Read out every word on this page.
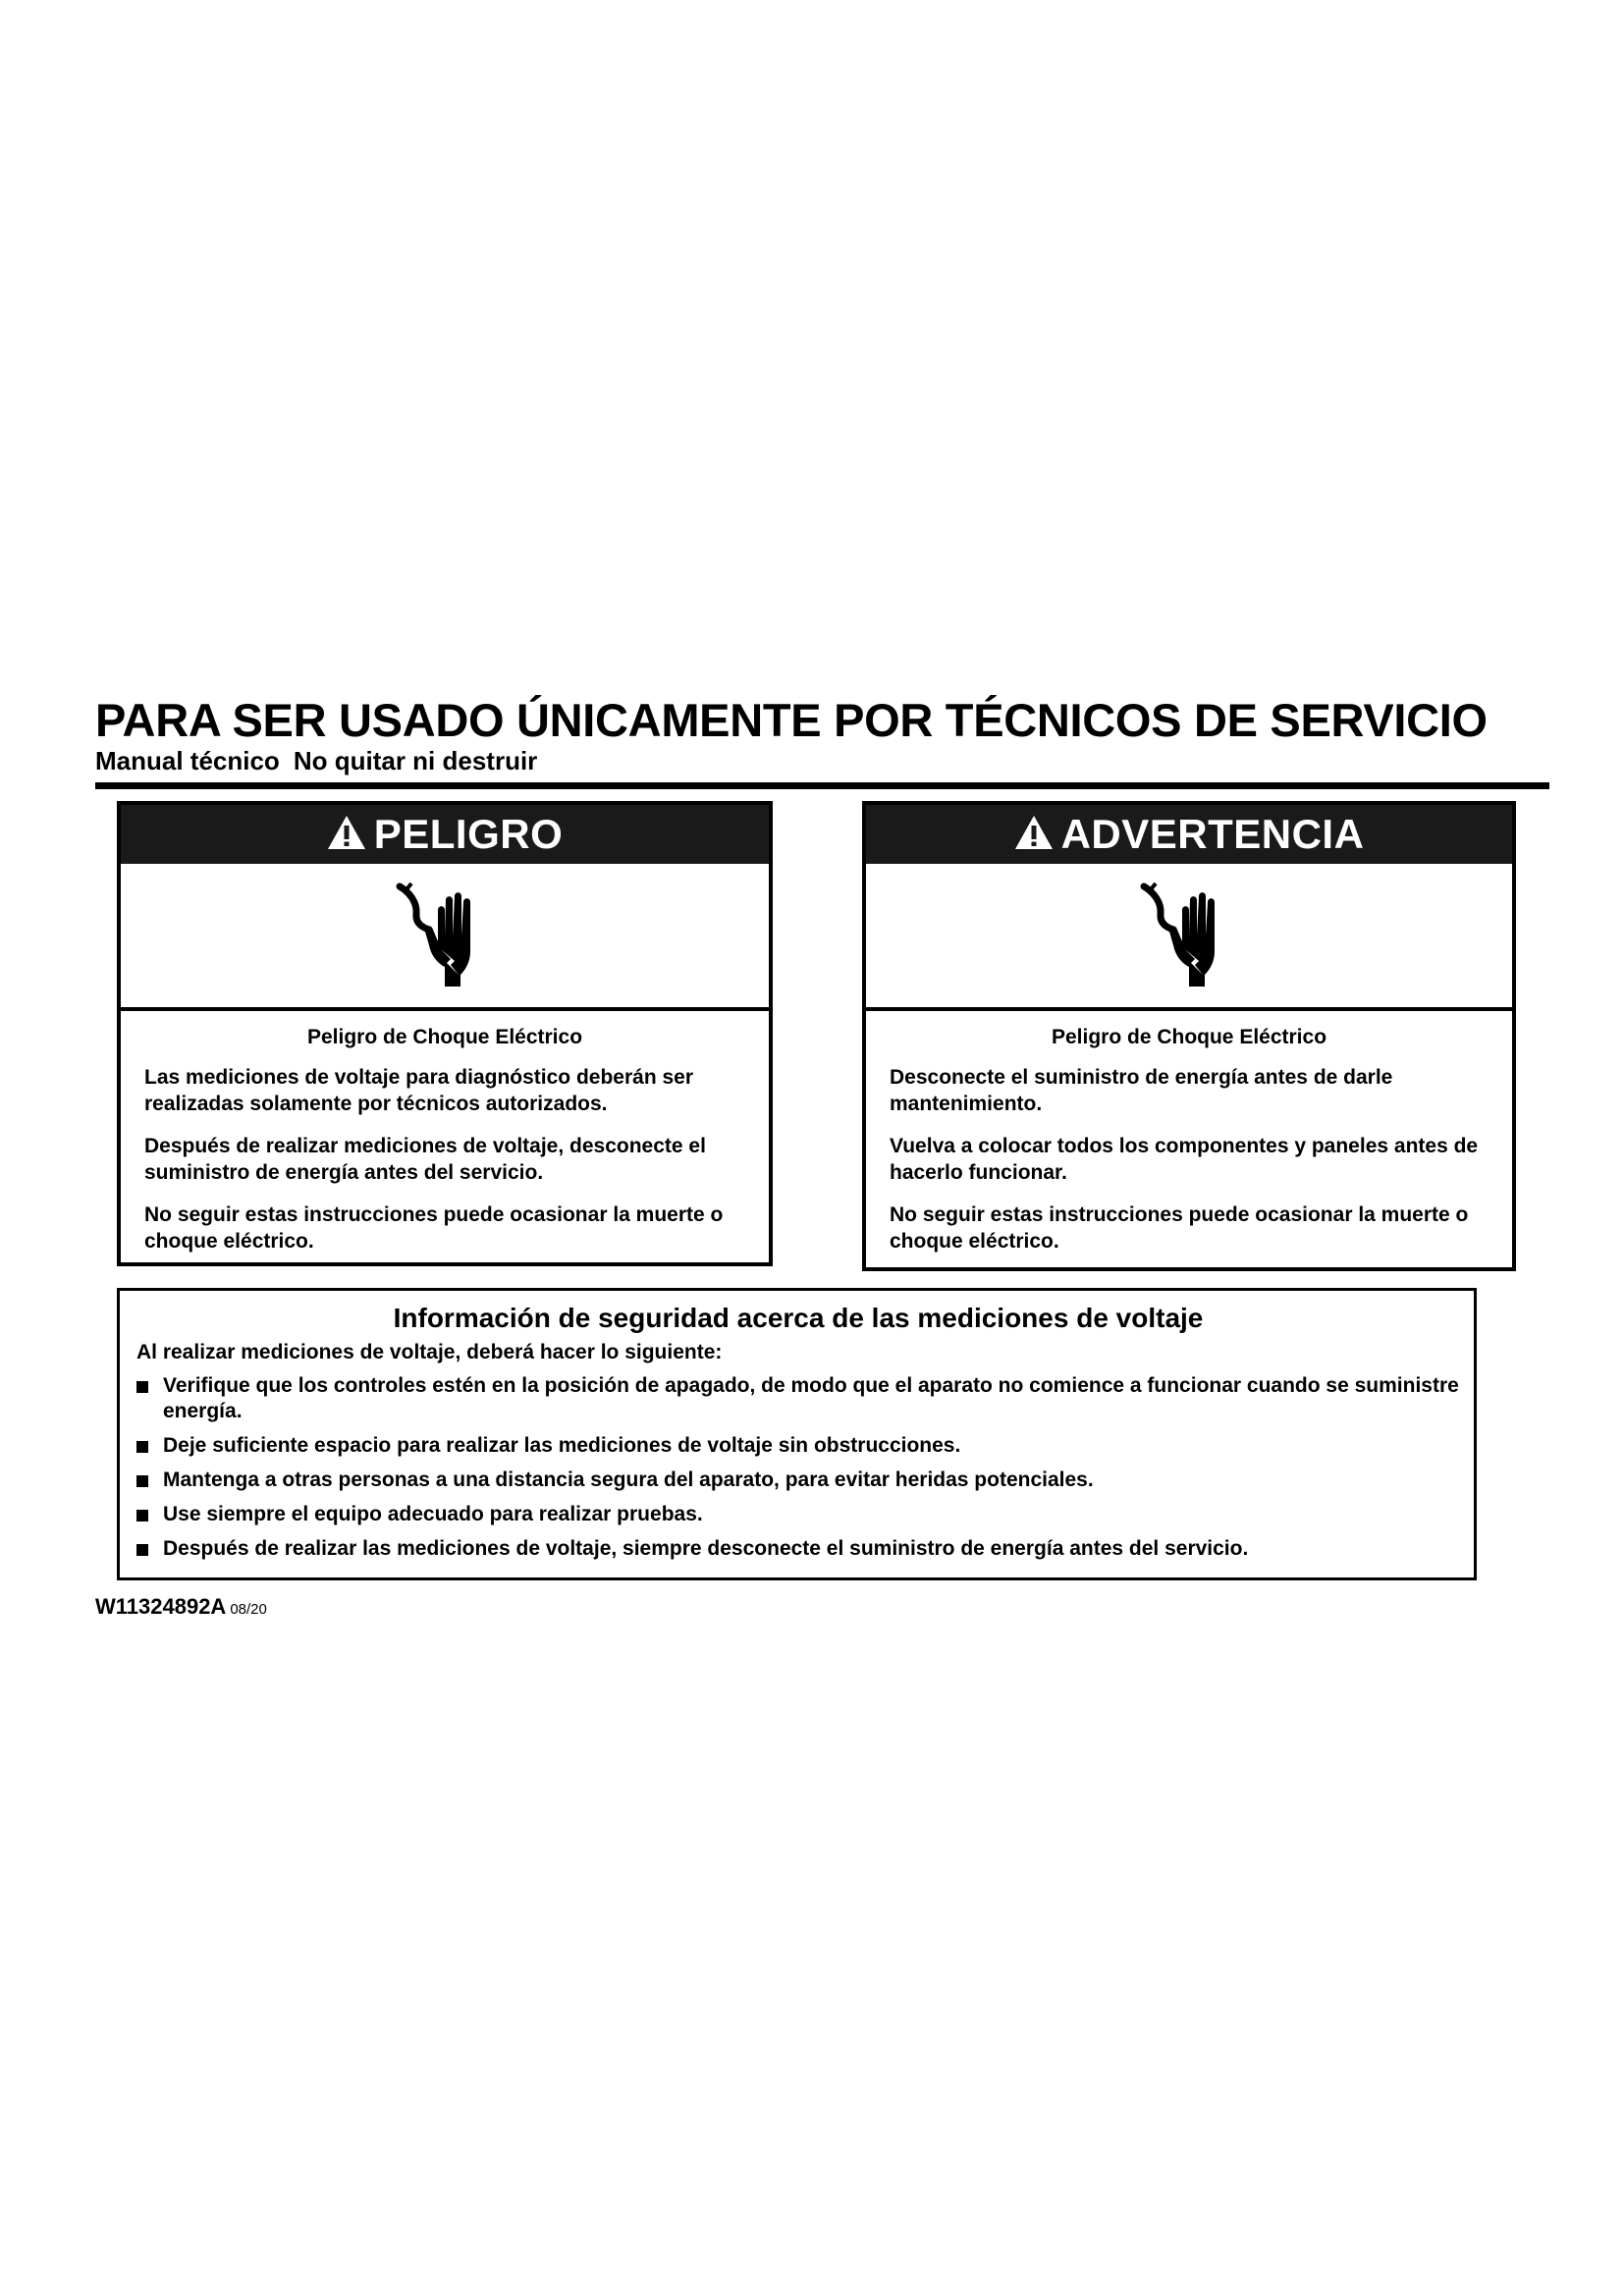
PARA SER USADO ÚNICAMENTE POR TÉCNICOS DE SERVICIO
Manual técnico No quitar ni destruir
PELIGRO
Peligro de Choque Eléctrico

Las mediciones de voltaje para diagnóstico deberán ser realizadas solamente por técnicos autorizados.

Después de realizar mediciones de voltaje, desconecte el suministro de energía antes del servicio.

No seguir estas instrucciones puede ocasionar la muerte o choque eléctrico.

ADVERTENCIA
Peligro de Choque Eléctrico

Desconecte el suministro de energía antes de darle mantenimiento.

Vuelva a colocar todos los componentes y paneles antes de hacerlo funcionar.

No seguir estas instrucciones puede ocasionar la muerte o choque eléctrico.

Información de seguridad acerca de las mediciones de voltaje
Al realizar mediciones de voltaje, deberá hacer lo siguiente:
Verifique que los controles estén en la posición de apagado, de modo que el aparato no comience a funcionar cuando se suministre energía.
Deje suficiente espacio para realizar las mediciones de voltaje sin obstrucciones.
Mantenga a otras personas a una distancia segura del aparato, para evitar heridas potenciales.
Use siempre el equipo adecuado para realizar pruebas.
Después de realizar las mediciones de voltaje, siempre desconecte el suministro de energía antes del servicio.
W11324892A 08/20
